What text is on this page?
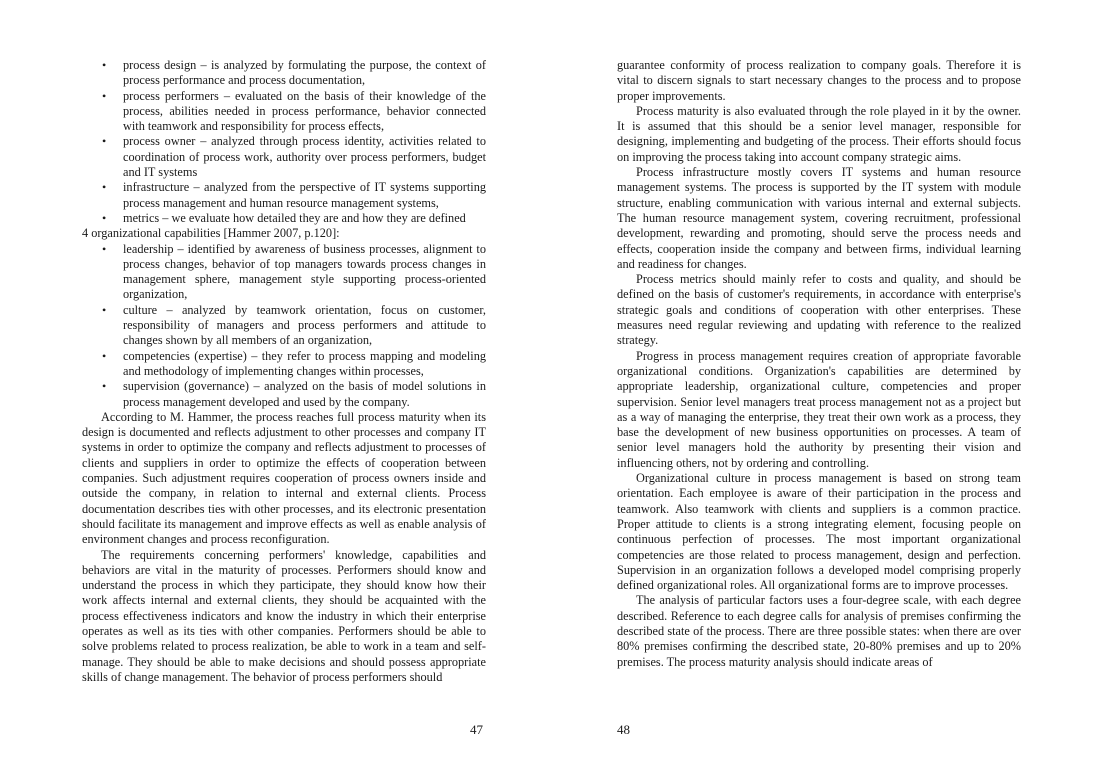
• process design – is analyzed by formulating the purpose, the context of process performance and process documentation,
• process performers – evaluated on the basis of their knowledge of the process, abilities needed in process performance, behavior connected with teamwork and responsibility for process effects,
• process owner – analyzed through process identity, activities related to coordination of process work, authority over process performers, budget and IT systems
• infrastructure – analyzed from the perspective of IT systems supporting process management and human resource management systems,
• metrics – we evaluate how detailed they are and how they are defined

4 organizational capabilities [Hammer 2007, p.120]:

• leadership – identified by awareness of business processes, alignment to process changes, behavior of top managers towards process changes in management sphere, management style supporting process-oriented organization,
• culture – analyzed by teamwork orientation, focus on customer, responsibility of managers and process performers and attitude to changes shown by all members of an organization,
• competencies (expertise) – they refer to process mapping and modeling and methodology of implementing changes within processes,
• supervision (governance) – analyzed on the basis of model solutions in process management developed and used by the company.

According to M. Hammer, the process reaches full process maturity when its design is documented and reflects adjustment to other processes and company IT systems in order to optimize the company and reflects adjustment to processes of clients and suppliers in order to optimize the effects of cooperation between companies. Such adjustment requires cooperation of process owners inside and outside the company, in relation to internal and external clients. Process documentation describes ties with other processes, and its electronic presentation should facilitate its management and improve effects as well as enable analysis of environment changes and process reconfiguration.

The requirements concerning performers' knowledge, capabilities and behaviors are vital in the maturity of processes. Performers should know and understand the process in which they participate, they should know how their work affects internal and external clients, they should be acquainted with the process effectiveness indicators and know the industry in which their enterprise operates as well as its ties with other companies. Performers should be able to solve problems related to process realization, be able to work in a team and self-manage. They should be able to make decisions and should possess appropriate skills of change management. The behavior of process performers should

guarantee conformity of process realization to company goals. Therefore it is vital to discern signals to start necessary changes to the process and to propose proper improvements.

Process maturity is also evaluated through the role played in it by the owner. It is assumed that this should be a senior level manager, responsible for designing, implementing and budgeting of the process. Their efforts should focus on improving the process taking into account company strategic aims.

Process infrastructure mostly covers IT systems and human resource management systems. The process is supported by the IT system with module structure, enabling communication with various internal and external subjects. The human resource management system, covering recruitment, professional development, rewarding and promoting, should serve the process needs and effects, cooperation inside the company and between firms, individual learning and readiness for changes.

Process metrics should mainly refer to costs and quality, and should be defined on the basis of customer's requirements, in accordance with enterprise's strategic goals and conditions of cooperation with other enterprises. These measures need regular reviewing and updating with reference to the realized strategy.

Progress in process management requires creation of appropriate favorable organizational conditions. Organization's capabilities are determined by appropriate leadership, organizational culture, competencies and proper supervision. Senior level managers treat process management not as a project but as a way of managing the enterprise, they treat their own work as a process, they base the development of new business opportunities on processes. A team of senior level managers hold the authority by presenting their vision and influencing others, not by ordering and controlling.

Organizational culture in process management is based on strong team orientation. Each employee is aware of their participation in the process and teamwork. Also teamwork with clients and suppliers is a common practice. Proper attitude to clients is a strong integrating element, focusing people on continuous perfection of processes. The most important organizational competencies are those related to process management, design and perfection. Supervision in an organization follows a developed model comprising properly defined organizational roles. All organizational forms are to improve processes.

The analysis of particular factors uses a four-degree scale, with each degree described. Reference to each degree calls for analysis of premises confirming the described state of the process. There are three possible states: when there are over 80% premises confirming the described state, 20-80% premises and up to 20% premises. The process maturity analysis should indicate areas of

47	48
